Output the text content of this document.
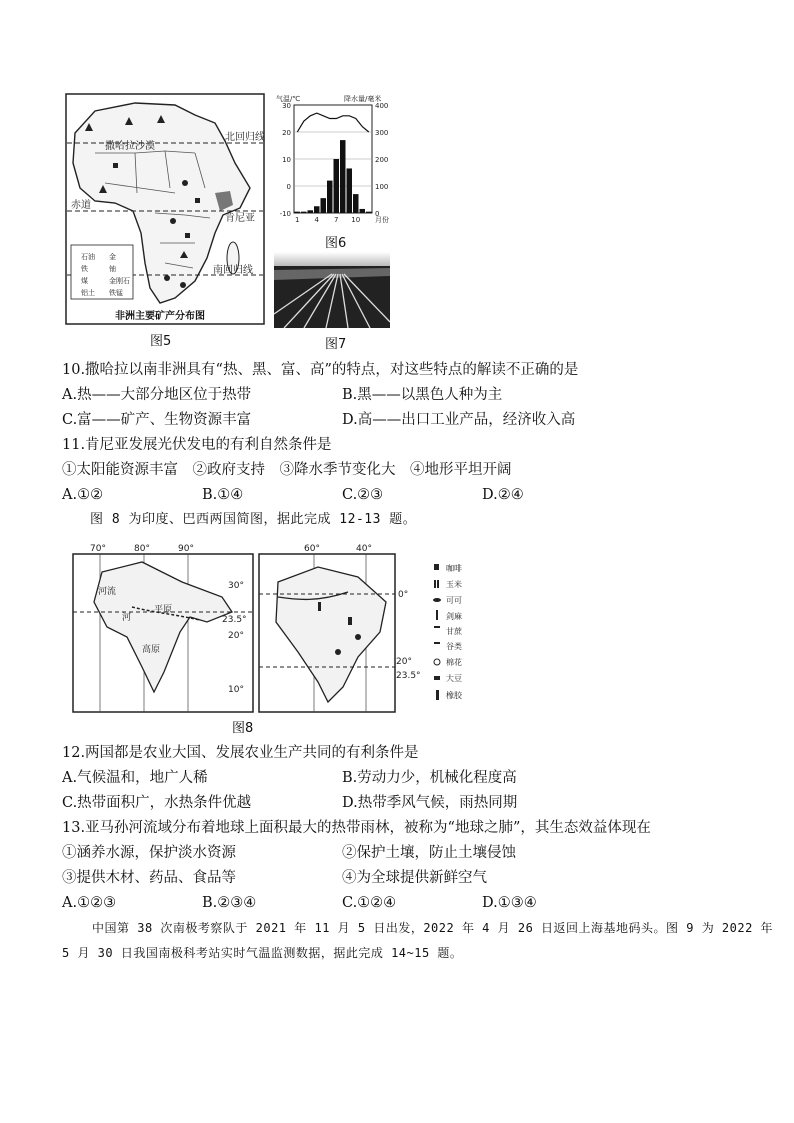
撒哈拉沙漠
北回归线
赤道
肯尼亚
南回归线
石油 金
铁	铀
煤	金刚石
铝土 铁锰
非洲主要矿产分布图
图5
气温/℃	降水量/毫米
30
20
10
0
-10
400
300
200
100
0
1 4 7 10 月份
图6
图7
10.撒哈拉以南非洲具有“热、黑、富、高”的特点，对这些特点的解读不正确的是
A.热——大部分地区位于热带	B.黑——以黑色人种为主
C.富——矿产、生物资源丰富	D.高——出口工业产品，经济收入高
11.肯尼亚发展光伏发电的有利自然条件是
①太阳能资源丰富　②政府支持　③降水季节变化大　④地形平坦开阔
A.①②	B.①④	C.②③	D.②④
图 8 为印度、巴西两国简图，据此完成 12-13 题。
70°	80°	90°
30°
23.5°
20°
10°
河流
河
平原
高原
60°	40°
0°
20°
23.5°
咖啡
玉米
可可
剑麻
甘蔗
谷类
棉花
大豆
橡胶
图8
12.两国都是农业大国、发展农业生产共同的有利条件是
A.气候温和，地广人稀	B.劳动力少，机械化程度高
C.热带面积广，水热条件优越	D.热带季风气候，雨热同期
13.亚马孙河流域分布着地球上面积最大的热带雨林，被称为“地球之肺”，其生态效益体现在
①涵养水源，保护淡水资源	②保护土壤，防止土壤侵蚀
③提供木材、药品、食品等	④为全球提供新鲜空气
A.①②③	B.②③④	C.①②④	D.①③④
中国第 38 次南极考察队于 2021 年 11 月 5 日出发，2022 年 4 月 26 日返回上海基地码头。图 9 为 2022 年
5 月 30 日我国南极科考站实时气温监测数据，据此完成 14~15 题。
